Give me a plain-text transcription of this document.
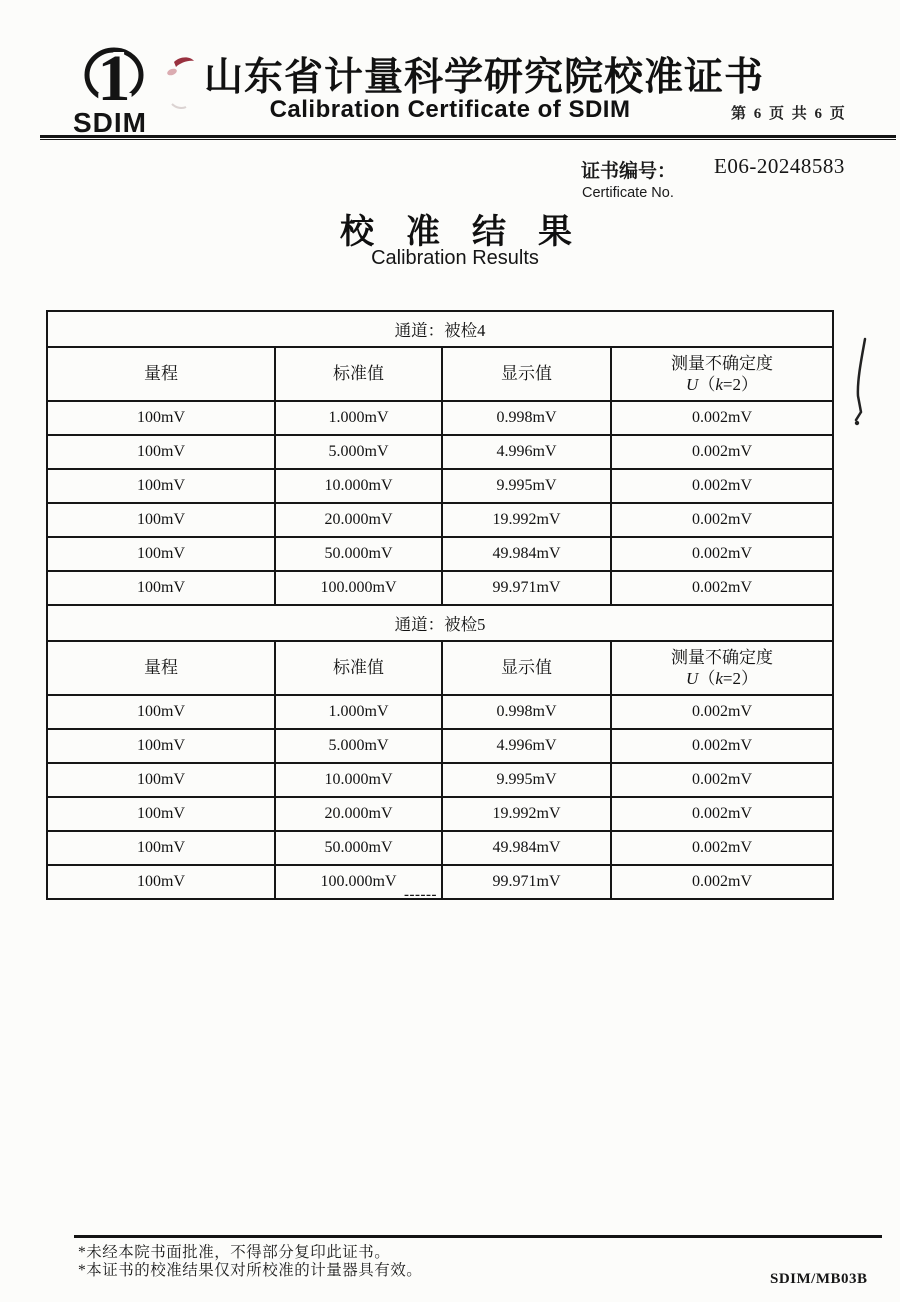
1
SDIM
山东省计量科学研究院校准证书
Calibration Certificate of SDIM	第 6 页 共 6 页
证书编号： E06-20248583
Certificate No.
校准结果
Calibration Results
通道：被检4			
量程	标准值	显示值	测量不确定度
U（k=2）

100mV	1.000mV	0.998mV	0.002mV
100mV	5.000mV	4.996mV	0.002mV
100mV	10.000mV	9.995mV	0.002mV
100mV	20.000mV	19.992mV	0.002mV
100mV	50.000mV	49.984mV	0.002mV
100mV	100.000mV	99.971mV	0.002mV
通道：被检5			
量程	标准值	显示值	测量不确定度
U（k=2）

100mV	1.000mV	0.998mV	0.002mV
100mV	5.000mV	4.996mV	0.002mV
100mV	10.000mV	9.995mV	0.002mV
100mV	20.000mV	19.992mV	0.002mV
100mV	50.000mV	49.984mV	0.002mV
100mV	100.000mV	99.971mV	0.002mV
------
*未经本院书面批准，不得部分复印此证书。
*本证书的校准结果仅对所校准的计量器具有效。	SDIM/MB03B
